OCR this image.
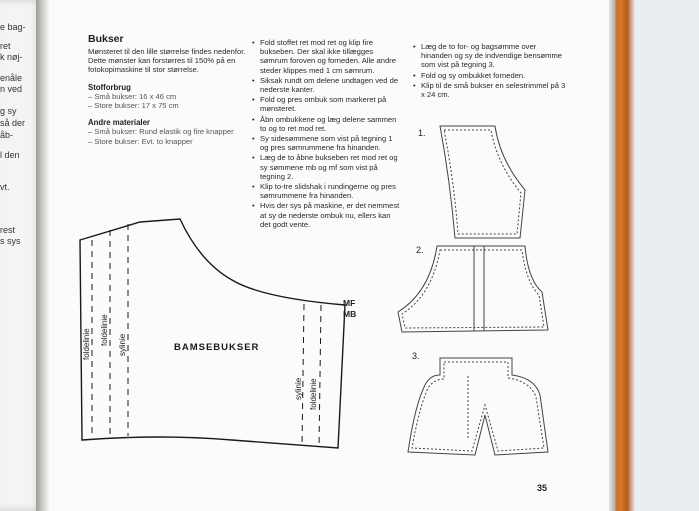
e bag-
ret
k nøj-
enåle
n ved
g sy
så der
åb-
l den
vt.
rest
s sys
Bukser
Mønsteret til den lille størrelse findes nedenfor. Dette mønster kan forstørres til 150% på en fotokopimaskine til stor størrelse.
Stofforbrug
– Små bukser: 16 x 46 cm
– Store bukser: 17 x 75 cm
Andre materialer
– Små bukser: Rund elastik og fire knapper
– Store bukser: Evt. to knapper
• Fold stoffet ret mod ret og klip fire bukseben. Der skal ikke tillægges sømrum foroven og forneden. Alle andre steder klippes med 1 cm sømrum.
• Siksak rundt om delene undtagen ved de nederste kanter.
• Fold og pres ombuk som markeret på mønsteret.
• Åbn ombukkene og læg delene sammen to og to ret mod ret.
• Sy sidesømmene som vist på tegning 1 og pres sømrummene fra hinanden.
• Læg de to åbne bukseben ret mod ret og sy sømmene mb og mf som vist på tegning 2.
• Klip to-tre slidshak i rundingerne og pres sømrummene fra hinanden.
• Hvis der sys på maskine, er det nemmest at sy de nederste ombuk nu, ellers kan det godt vente.
• Læg de to for- og bagsømme over hinanden og sy de indvendige bensømme som vist på tegning 3.
• Fold og sy ombukket forneden.
• Klip til de små bukser en selestrimmel på 3 x 24 cm.
BAMSEBUKSER
MF
MB
foldelinie foldelinie sylinie
sylinie foldelinie
1.
2.
3.
35
